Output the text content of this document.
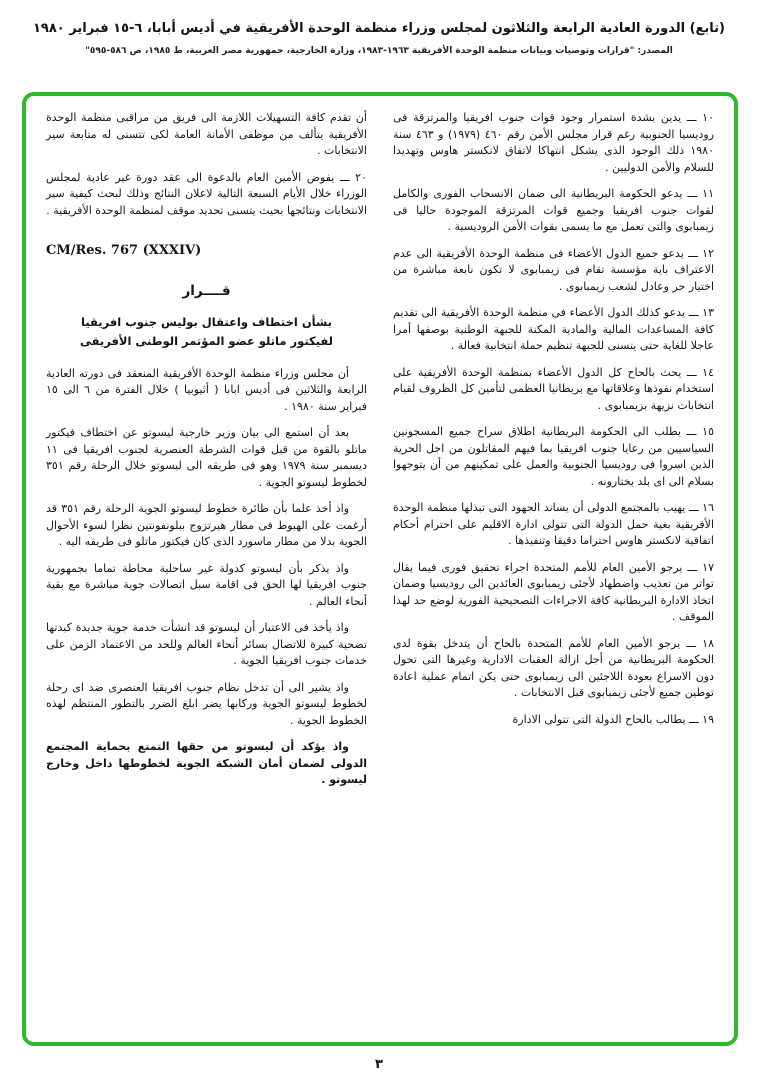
(تابع) الدورة العادية الرابعة والثلاثون لمجلس وزراء منظمة الوحدة الأفريقية في أديس أبابا، ٦-١٥ فبراير ١٩٨٠
المصدر: "قرارات وتوصيات وبيانات منظمة الوحدة الأفريقية ١٩٦٣-١٩٨٣، وزارة الخارجية، جمهورية مصر العربية، ط ١٩٨٥، ص ٥٨٦-٥٩٥"

١٠ ـــ يدين بشدة استمرار وجود قوات جنوب افريقيا والمرتزقة فى روديسيا الجنوبية رغم قرار مجلس الأمن رقم ٤٦٠ (١٩٧٩) و ٤٦٣ سنة ١٩٨٠ ذلك الوجود الذى يشكل انتهاكا لاتفاق لانكستر هاوس وتهديدا للسلام والأمن الدوليين .

١١ ـــ يدعو الحكومة البريطانية الى ضمان الانسحاب الفورى والكامل لقوات جنوب افريقيا وجميع قوات المرتزقة الموجودة حاليا فى زيمبابوى والتى تعمل مع ما يسمى بقوات الأمن الروديسية .

١٢ ـــ يدعو جميع الدول الأعضاء فى منظمة الوحدة الأفريقية الى عدم الاعتراف باية مؤسسة تقام فى زيمبابوى لا تكون نابعة مباشرة من اختيار حر وعادل لشعب زيمبابوى .

١٣ ـــ يدعو كذلك الدول الأعضاء فى منظمة الوحدة الأفريقية الى تقديم كافة المساعدات المالية والمادية المكنة للجبهة الوطنية بوصفها أمرا عاجلا للغاية حتى يتسنى للجبهة تنظيم حملة انتخابية فعالة .

١٤ ـــ يحث بالحاح كل الدول الأعضاء بمنظمة الوحدة الأفريقية على استخدام نفوذها وعلاقاتها مع بريطانيا العظمى لتأمين كل الظروف لقيام انتخابات نزيهة بزيمبابوى .

١٥ ـــ يطلب الى الحكومة البريطانية اطلاق سراح جميع المسجونين السياسيين من رعايا جنوب افريقيا بما فيهم المقاتلون من اجل الحرية الذين اسروا فى روديسيا الجنوبية والعمل على تمكينهم من أن يتوجهوا بسلام الى اى بلد يختارونه .

١٦ ـــ يهيب بالمجتمع الدولى أن يساند الجهود التى تبذلها منظمة الوحدة الأفريقية بغية حمل الدولة التى تتولى ادارة الاقليم على احترام أحكام اتفاقية لانكستر هاوس احتراما دقيقا وتنفيذها .

١٧ ـــ يرجو الأمين العام للأمم المتحدة اجراء تحقيق فورى فيما يقال تواتر من تعذيب واضطهاد لأجئى زيمبابوى العائدين الى روديسيا وضمان اتخاذ الادارة البريطانية كافة الاجراءات التصحيحية الفورية لوضع حد لهذا الموقف .

١٨ ـــ يرجو الأمين العام للأمم المتحدة بالحاح أن يتدخل بقوة لدى الحكومة البريطانية من أجل ازالة العقبات الادارية وغيرها التى تحول دون الاسراع بعودة اللاجئين الى زيمبابوى حتى يكن اتمام عملية اعادة توطين جميع لأجئى زيمبابوى قبل الانتخابات .

١٩ ـــ يطالب بالحاح الدولة التى تتولى الادارة

أن تقدم كافة التسهيلات اللازمة الى فريق من مراقبى منظمة الوحدة الأفريقية يتألف من موظفى الأمانة العامة لكى تتسنى له متابعة سير الانتخابات .

٢٠ ـــ يفوض الأمين العام بالدعوة الى عقد دورة غير عادية لمجلس الوزراء خلال الأيام السبعة التالية لاعلان النتائج وذلك لبحث كيفية سير الانتخابات ونتائجها بحيث يتسنى تحديد موقف لمنظمة الوحدة الأفريقية .

CM/Res. 767 (XXXIV)
قــــرار
بشأن اختطاف واعتقال بوليس جنوب افريقيا
لفيكتور ماتلو عضو المؤتمر الوطنى الأفريقى

أن مجلس وزراء منظمة الوحدة الأفريقية المنعقد فى دورته العادية الرابعة والثلاثين فى أديس ابابا ( أثيوبيا ) خلال الفترة من ٦ الى ١٥ فبراير سنة ١٩٨٠ .

بعد أن استمع الى بيان وزير خارجية ليسوتو عن اختطاف فيكتور ماتلو بالقوة من قبل قوات الشرطة العنصرية لجنوب افريقيا فى ١١ ديسمبر سنة ١٩٧٩ وهو فى طريقه الى ليسوتو خلال الرحلة رقم ٣٥١ لخطوط ليسوتو الجوية .

واذ أخذ علما بأن طائرة خطوط ليسوتو الجوية الرحلة رقم ٣٥١ قد أرغمت على الهبوط فى مطار هيرتزوج ببلونفونتين نظرا لسوء الأحوال الجوية بدلا من مطار ماسورد الذى كان فيكتور ماتلو فى طريقه اليه .

واذ يذكر بأن ليسوتو كدولة غير ساحلية محاطة تماما بجمهورية جنوب افريقيا لها الحق فى اقامة سبل اتصالات جوية مباشرة مع بقية أنحاء العالم .

واذ يأخذ فى الاعتبار أن ليسوتو قد انشأت خدمة جوية جديدة كبدتها تضحية كبيرة للاتصال بسائر أنحاء العالم وللحد من الاعتماد الزمن على خدمات جنوب افريقيا الجوية .

واذ يشير الى أن تدخل نظام جنوب افريقيا العنصرى ضد اى رحلة لخطوط ليسوتو الجوية وركابها يضر ابلغ الضرر بالتطور المنتظم لهذه الخطوط الجوية .

واذ يؤكد أن ليسوتو من حقها التمتع بحماية المجتمع الدولى لضمان أمان الشبكة الجوية لخطوطها داخل وخارج ليسوتو .

٣
